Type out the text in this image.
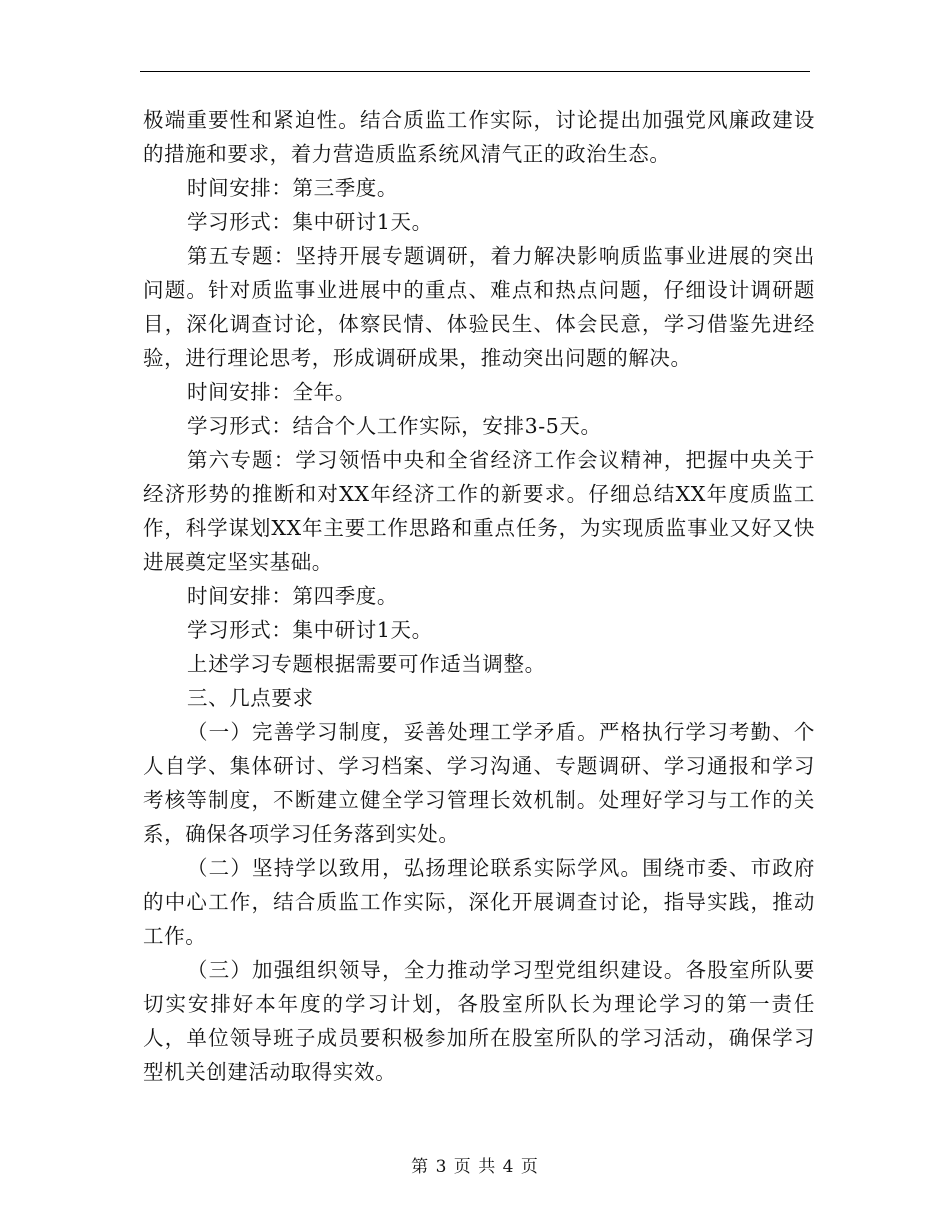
极端重要性和紧迫性。结合质监工作实际，讨论提出加强党风廉政建设的措施和要求，着力营造质监系统风清气正的政治生态。

时间安排：第三季度。

学习形式：集中研讨1天。

第五专题：坚持开展专题调研，着力解决影响质监事业进展的突出问题。针对质监事业进展中的重点、难点和热点问题，仔细设计调研题目，深化调查讨论，体察民情、体验民生、体会民意，学习借鉴先进经验，进行理论思考，形成调研成果，推动突出问题的解决。

时间安排：全年。

学习形式：结合个人工作实际，安排3-5天。

第六专题：学习领悟中央和全省经济工作会议精神，把握中央关于经济形势的推断和对XX年经济工作的新要求。仔细总结XX年度质监工作，科学谋划XX年主要工作思路和重点任务，为实现质监事业又好又快进展奠定坚实基础。

时间安排：第四季度。

学习形式：集中研讨1天。

上述学习专题根据需要可作适当调整。

三、几点要求

（一）完善学习制度，妥善处理工学矛盾。严格执行学习考勤、个人自学、集体研讨、学习档案、学习沟通、专题调研、学习通报和学习考核等制度，不断建立健全学习管理长效机制。处理好学习与工作的关系，确保各项学习任务落到实处。

（二）坚持学以致用，弘扬理论联系实际学风。围绕市委、市政府的中心工作，结合质监工作实际，深化开展调查讨论，指导实践，推动工作。

（三）加强组织领导，全力推动学习型党组织建设。各股室所队要切实安排好本年度的学习计划，各股室所队长为理论学习的第一责任人，单位领导班子成员要积极参加所在股室所队的学习活动，确保学习型机关创建活动取得实效。

第 3 页 共 4 页
